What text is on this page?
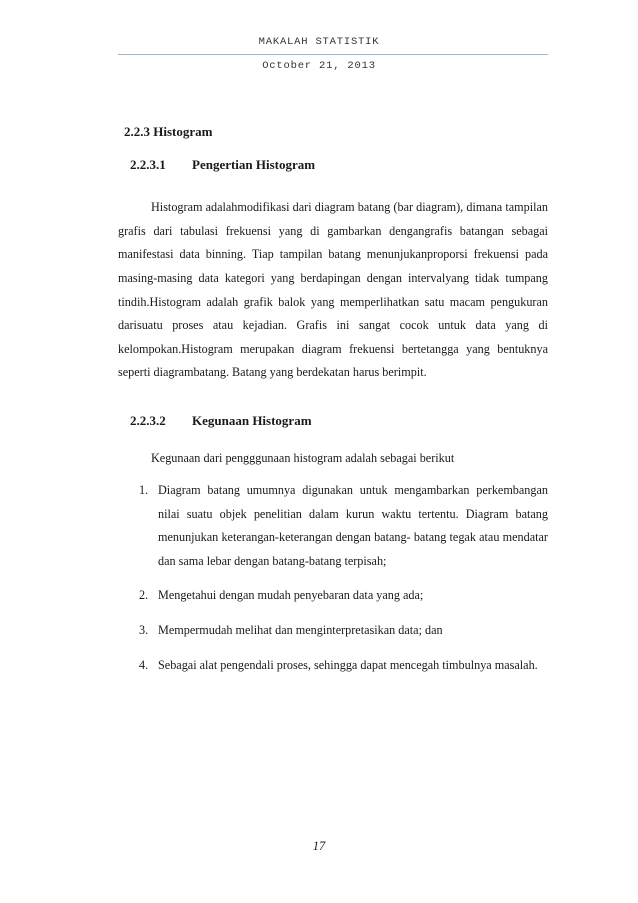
MAKALAH STATISTIK
October 21, 2013
2.2.3 Histogram
2.2.3.1 Pengertian Histogram

Histogram adalahmodifikasi dari diagram batang (bar diagram), dimana tampilan grafis dari tabulasi frekuensi yang di gambarkan dengangrafis batangan sebagai manifestasi data binning. Tiap tampilan batang menunjukanproporsi frekuensi pada masing-masing data kategori yang berdapingan dengan intervalyang tidak tumpang tindih.Histogram adalah grafik balok yang memperlihatkan satu macam pengukuran darisuatu proses atau kejadian. Grafis ini sangat cocok untuk data yang di kelompokan.Histogram merupakan diagram frekuensi bertetangga yang bentuknya seperti diagrambatang. Batang yang berdekatan harus berimpit.

2.2.3.2 Kegunaan Histogram
Kegunaan dari pengggunaan histogram adalah sebagai berikut
1. Diagram batang umumnya digunakan untuk mengambarkan perkembangan nilai suatu objek penelitian dalam kurun waktu tertentu. Diagram batang menunjukan keterangan-keterangan dengan batang- batang tegak atau mendatar dan sama lebar dengan batang-batang terpisah;
2. Mengetahui dengan mudah penyebaran data yang ada;
3. Mempermudah melihat dan menginterpretasikan data; dan
4. Sebagai alat pengendali proses, sehingga dapat mencegah timbulnya masalah.
17
